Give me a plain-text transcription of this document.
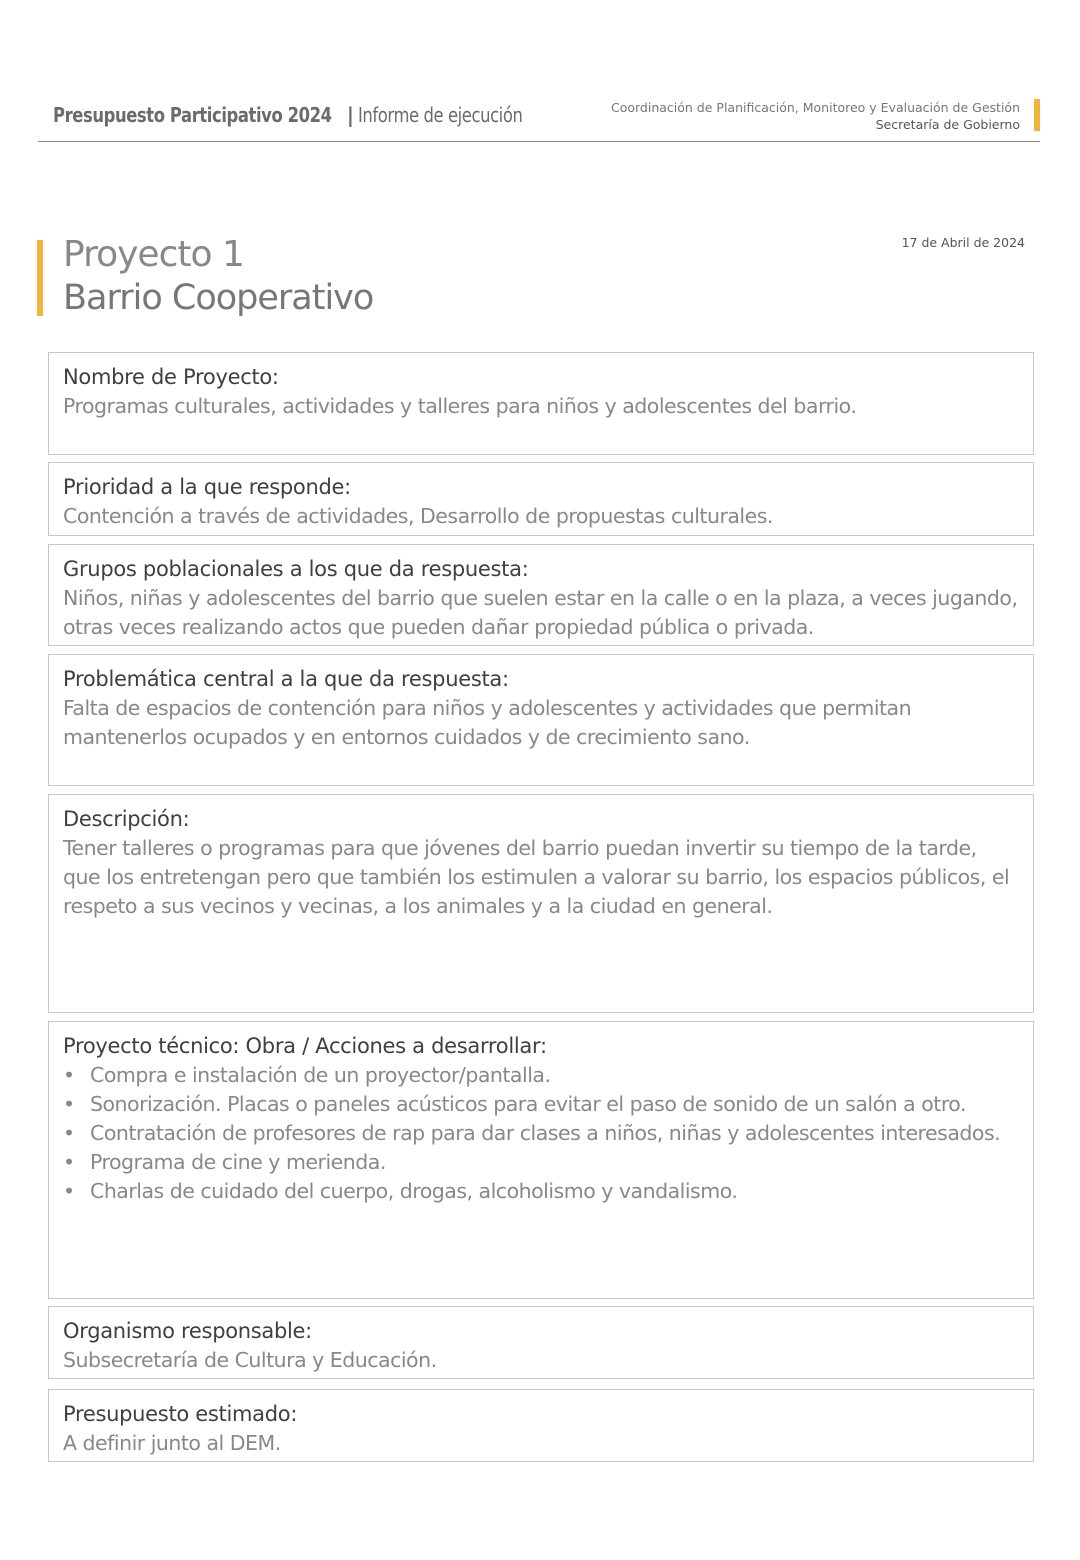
Presupuesto Participativo 2024 | Informe de ejecución	Coordinación de Planificación, Monitoreo y Evaluación de Gestión
Secretaría de Gobierno
Proyecto 1
Barrio Cooperativo
17 de Abril de 2024
Nombre de Proyecto:
Programas culturales, actividades y talleres para niños y adolescentes del barrio.
Prioridad a la que responde:
Contención a través de actividades, Desarrollo de propuestas culturales.
Grupos poblacionales a los que da respuesta:
Niños, niñas y adolescentes del barrio que suelen estar en la calle o en la plaza, a veces jugando, otras veces realizando actos que pueden dañar propiedad pública o privada.
Problemática central a la que da respuesta:
Falta de espacios de contención para niños y adolescentes y actividades que permitan mantenerlos ocupados y en entornos cuidados y de crecimiento sano.
Descripción:
Tener talleres o programas para que jóvenes del barrio puedan invertir su tiempo de la tarde, que los entretengan pero que también los estimulen a valorar su barrio, los espacios públicos, el respeto a sus vecinos y vecinas, a los animales y a la ciudad en general.
Proyecto técnico: Obra / Acciones a desarrollar:
• Compra e instalación de un proyector/pantalla.
• Sonorización. Placas o paneles acústicos para evitar el paso de sonido de un salón a otro.
• Contratación de profesores de rap para dar clases a niños, niñas y adolescentes interesados.
• Programa de cine y merienda.
• Charlas de cuidado del cuerpo, drogas, alcoholismo y vandalismo.
Organismo responsable:
Subsecretaría de Cultura y Educación.
Presupuesto estimado:
A definir junto al DEM.
